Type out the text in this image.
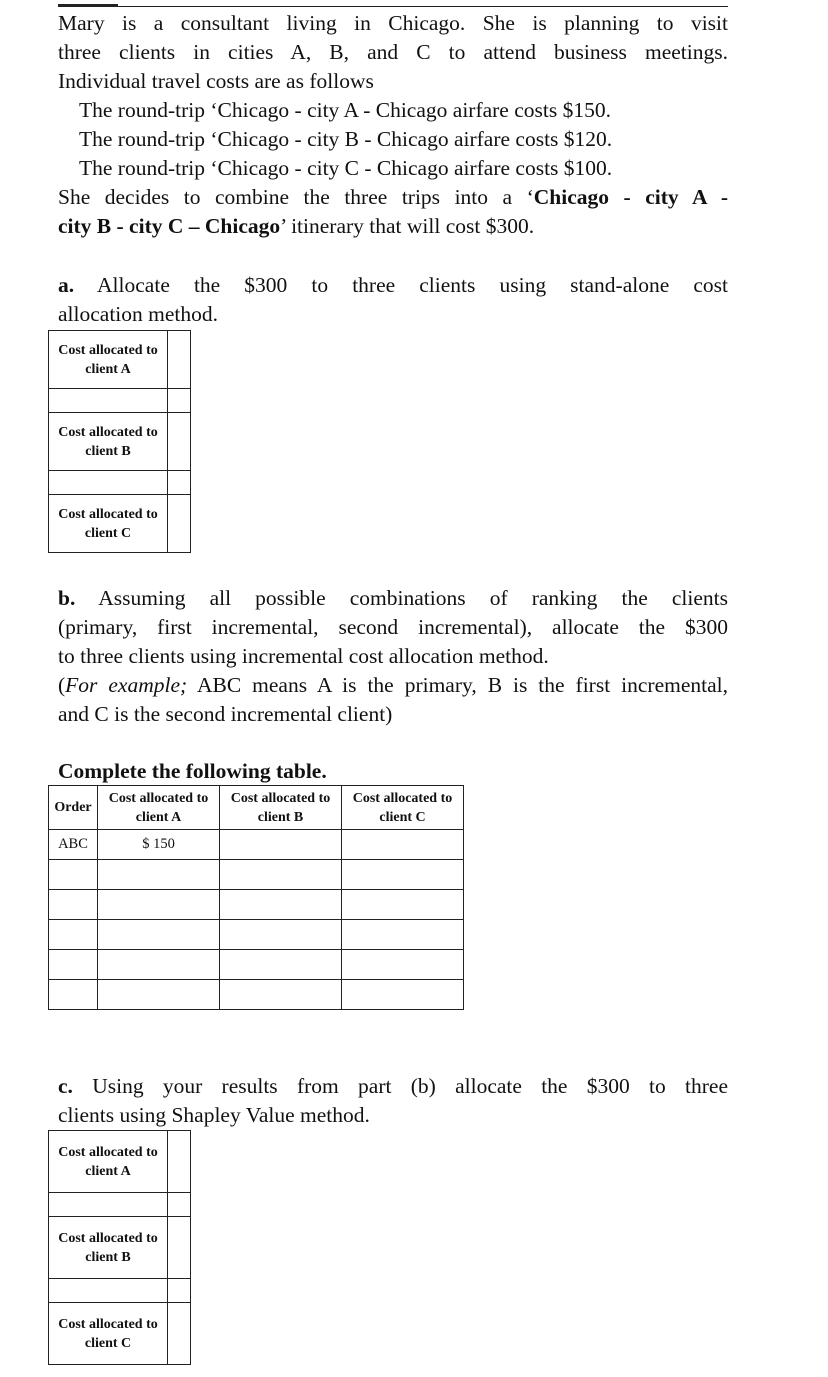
Mary is a consultant living in Chicago. She is planning to visit
three clients in cities A, B, and C to attend business meetings.
Individual travel costs are as follows
The round-trip ‘Chicago - city A - Chicago airfare costs $150.
The round-trip ‘Chicago - city B - Chicago airfare costs $120.
The round-trip ‘Chicago - city C - Chicago airfare costs $100.
She decides to combine the three trips into a ‘Chicago - city A -
city B - city C – Chicago’ itinerary that will cost $300.
a. Allocate the $300 to three clients using stand-alone cost
allocation method.
Cost allocated to client A	

Cost allocated to client B	

Cost allocated to client C	
b. Assuming all possible combinations of ranking the clients
(primary, first incremental, second incremental), allocate the $300
to three clients using incremental cost allocation method.
(For example; ABC means A is the primary, B is the first incremental,
and C is the second incremental client)
Complete the following table.
Order	Cost allocated to client A	Cost allocated to client B	Cost allocated to client C
ABC	$ 150		

c. Using your results from part (b) allocate the $300 to three
clients using Shapley Value method.
Cost allocated to client A	

Cost allocated to client B	

Cost allocated to client C	
